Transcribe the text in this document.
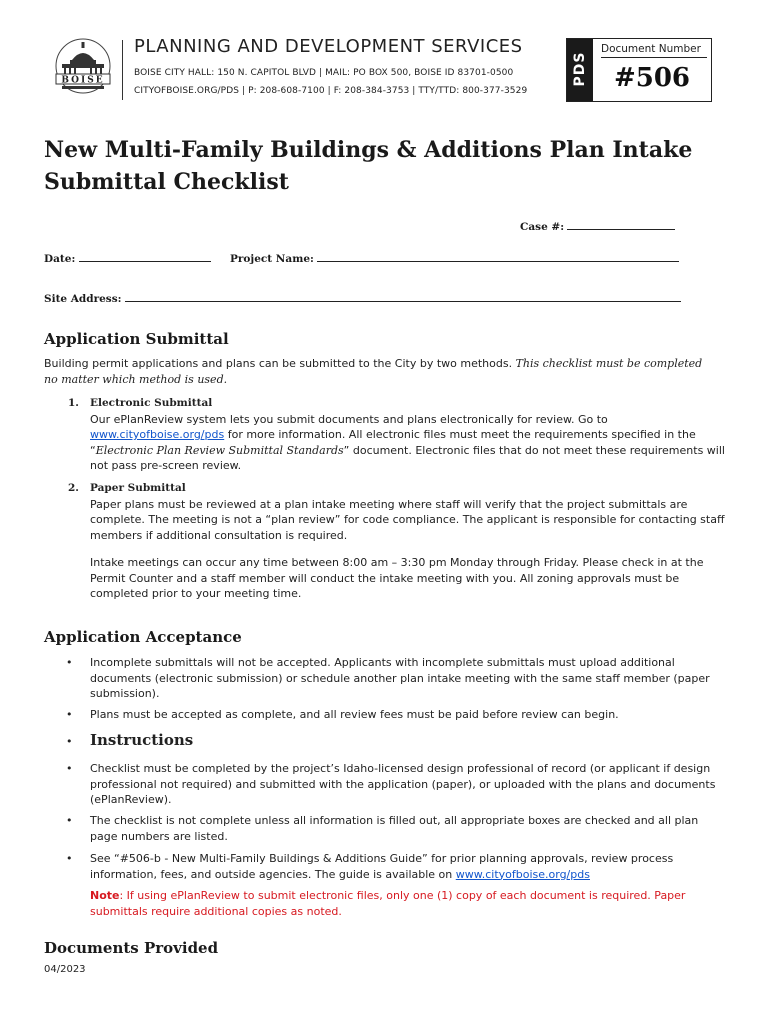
BOISE
PLANNING AND DEVELOPMENT SERVICES
BOISE CITY HALL: 150 N. CAPITOL BLVD | MAIL: PO BOX 500, BOISE ID 83701-0500
CITYOFBOISE.ORG/PDS | P: 208-608-7100 | F: 208-384-3753 | TTY/TTD: 800-377-3529
PDS
Document Number
#506
New Multi-Family Buildings & Additions Plan Intake Submittal Checklist
Case #:
Date:	Project Name:
Site Address:
Application Submittal
Building permit applications and plans can be submitted to the City by two methods. This checklist must be completed no matter which method is used.
1. Electronic Submittal
Our ePlanReview system lets you submit documents and plans electronically for review. Go to www.cityofboise.org/pds for more information. All electronic files must meet the requirements specified in the “Electronic Plan Review Submittal Standards” document. Electronic files that do not meet these requirements will not pass pre-screen review.
2. Paper Submittal
Paper plans must be reviewed at a plan intake meeting where staff will verify that the project submittals are complete. The meeting is not a “plan review” for code compliance. The applicant is responsible for contacting staff members if additional consultation is required.
Intake meetings can occur any time between 8:00 am – 3:30 pm Monday through Friday. Please check in at the Permit Counter and a staff member will conduct the intake meeting with you. All zoning approvals must be completed prior to your meeting time.
Application Acceptance
• Incomplete submittals will not be accepted. Applicants with incomplete submittals must upload additional documents (electronic submission) or schedule another plan intake meeting with the same staff member (paper submission).
• Plans must be accepted as complete, and all review fees must be paid before review can begin.
• Instructions
• Checklist must be completed by the project’s Idaho-licensed design professional of record (or applicant if design professional not required) and submitted with the application (paper), or uploaded with the plans and documents (ePlanReview).
• The checklist is not complete unless all information is filled out, all appropriate boxes are checked and all plan page numbers are listed.
• See “#506-b - New Multi-Family Buildings & Additions Guide” for prior planning approvals, review process information, fees, and outside agencies. The guide is available on www.cityofboise.org/pds
Note: If using ePlanReview to submit electronic files, only one (1) copy of each document is required. Paper submittals require additional copies as noted.
Documents Provided
04/2023
